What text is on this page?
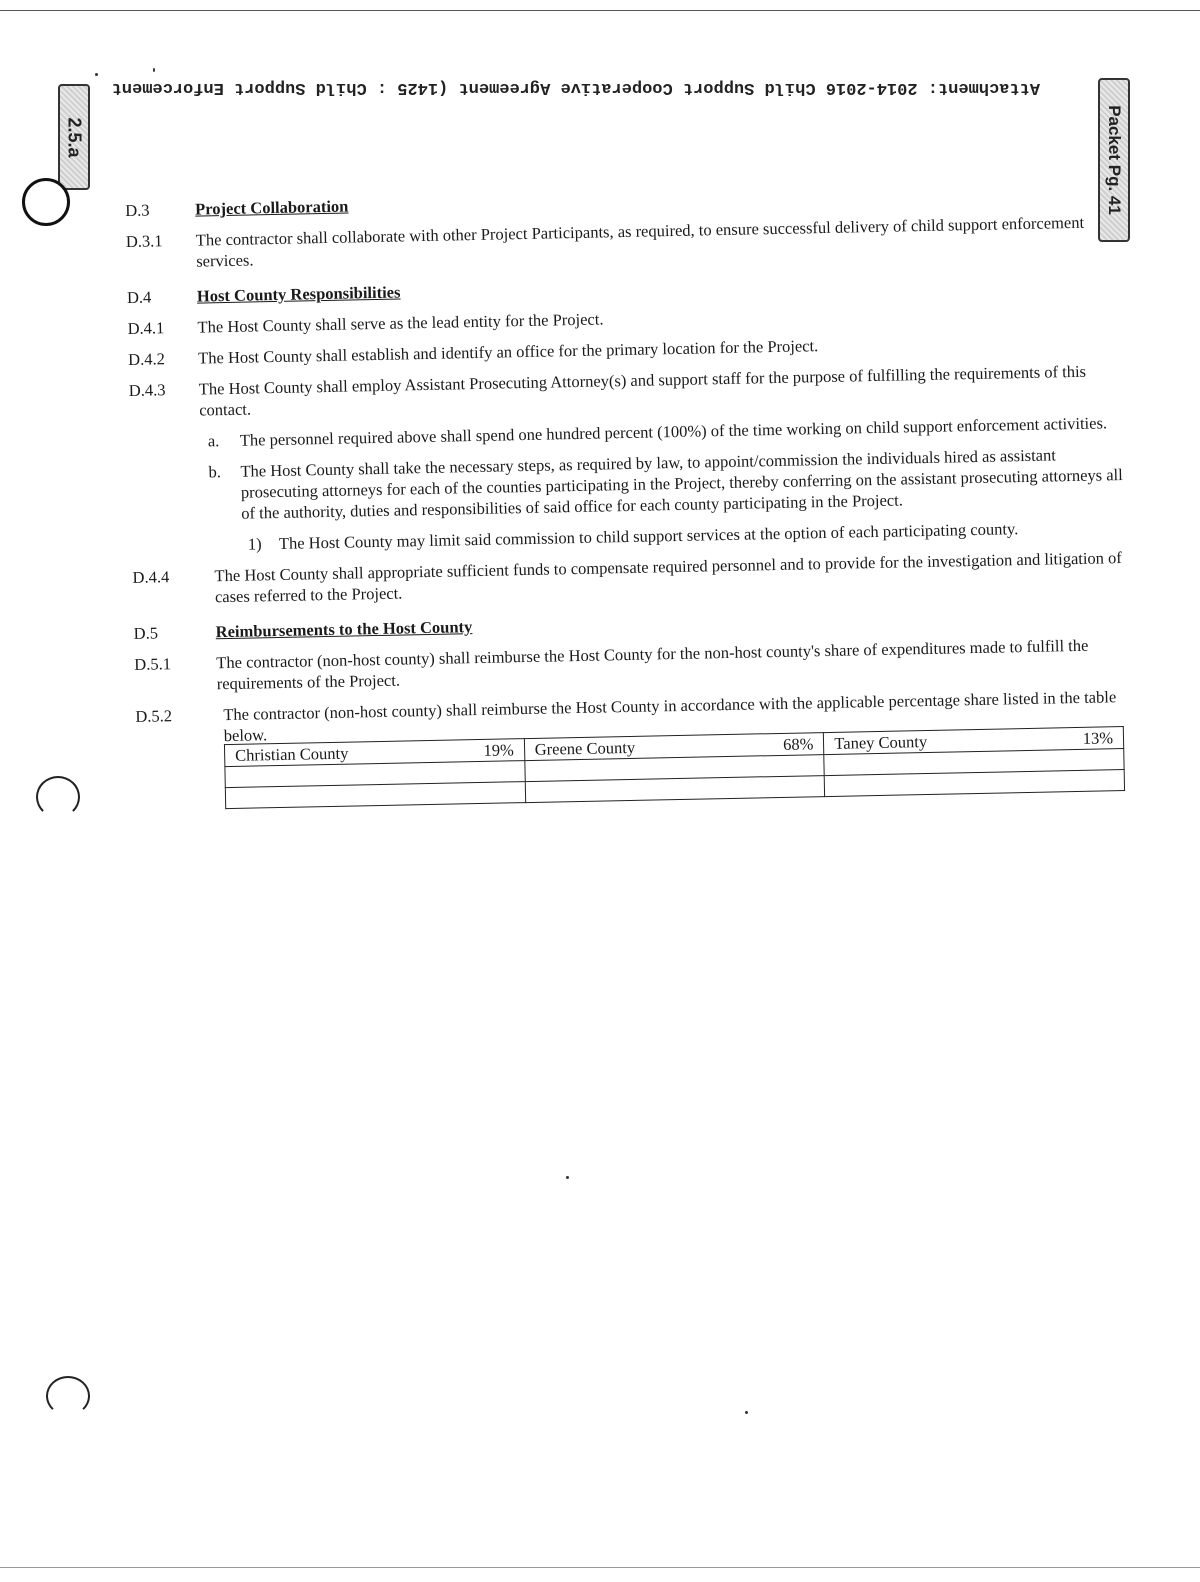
2.5.a	Packet Pg. 41
Attachment: 2014-2016 Child Support Cooperative Agreement (1425 : Child Support Enforcement
D.3	Project Collaboration
D.3.1 The contractor shall collaborate with other Project Participants, as required, to ensure successful delivery of child support enforcement services.
D.4	Host County Responsibilities
D.4.1 The Host County shall serve as the lead entity for the Project.
D.4.2 The Host County shall establish and identify an office for the primary location for the Project.
D.4.3 The Host County shall employ Assistant Prosecuting Attorney(s) and support staff for the purpose of fulfilling the requirements of this contact.
a. The personnel required above shall spend one hundred percent (100%) of the time working on child support enforcement activities.
b. The Host County shall take the necessary steps, as required by law, to appoint/commission the individuals hired as assistant prosecuting attorneys for each of the counties participating in the Project, thereby conferring on the assistant prosecuting attorneys all of the authority, duties and responsibilities of said office for each county participating in the Project.
1) The Host County may limit said commission to child support services at the option of each participating county.
D.4.4	The Host County shall appropriate sufficient funds to compensate required personnel and to provide for the investigation and litigation of cases referred to the Project.
D.5	Reimbursements to the Host County
D.5.1	The contractor (non-host county) shall reimburse the Host County for the non-host county's share of expenditures made to fulfill the requirements of the Project.
D.5.2	The contractor (non-host county) shall reimburse the Host County in accordance with the applicable percentage share listed in the table below.
Christian County 19%	Greene County 68%	Taney County 13%
